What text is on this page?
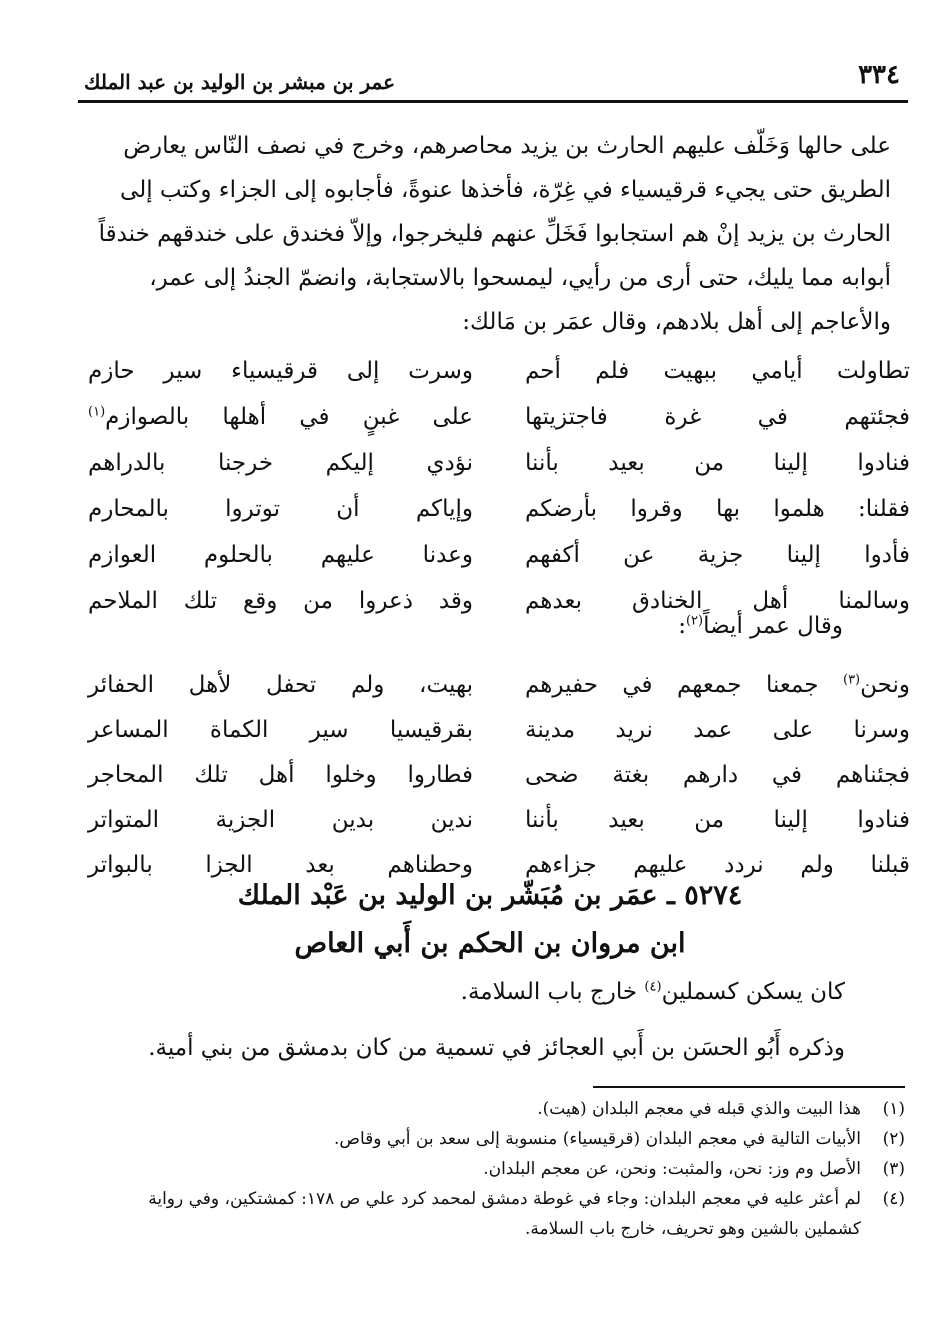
٣٣٤
عمر بن مبشر بن الوليد بن عبد الملك
على حالها وَخَلّف عليهم الحارث بن يزيد محاصرهم، وخرج في نصف النّاس يعارض
الطريق حتى يجيء قرقيسياء في غِرّة، فأخذها عنوةً، فأجابوه إلى الجزاء وكتب إلى
الحارث بن يزيد إنْ هم استجابوا فَخَلِّ عنهم فليخرجوا، وإلاّ فخندق على خندقهم خندقاً
أبوابه مما يليك، حتى أرى من رأيي، ليمسحوا بالاستجابة، وانضمّ الجندُ إلى عمر،
والأعاجم إلى أهل بلادهم، وقال عمَر بن مَالك:
تطاولت أيامي ببهيت فلم أحم
وسرت إلى قرقيسياء سير حازم
فجئتهم في غرة فاجتزيتها
على غبنٍ في أهلها بالصوازم$^{(١)}$
فنادوا إلينا من بعيد بأننا
نؤدي إليكم خرجنا بالدراهم
فقلنا: هلموا بها وقروا بأرضكم
وإياكم أن توتروا بالمحارم
فأدوا إلينا جزية عن أكفهم
وعدنا عليهم بالحلوم العوازم
وسالمنا أهل الخنادق بعدهم
وقد ذعروا من وقع تلك الملاحم
وقال عمر أيضاً$^{(٢)}$:
ونحن$^{(٣)}$ جمعنا جمعهم في حفيرهم
بهيت، ولم تحفل لأهل الحفائر
وسرنا على عمد نريد مدينة
بقرقيسيا سير الكماة المساعر
فجئناهم في دارهم بغتة ضحى
فطاروا وخلوا أهل تلك المحاجر
فنادوا إلينا من بعيد بأننا
ندين بدين الجزية المتواتر
قبلنا ولم نردد عليهم جزاءهم
وحطناهم بعد الجزا بالبواتر
٥٢٧٤ ـ عمَر بن مُبَشّر بن الوليد بن عَبْد الملك
ابن مروان بن الحكم بن أَبي العاص
كان يسكن كسملين$^{(٤)}$ خارج باب السلامة.
وذكره أَبُو الحسَن بن أَبي العجائز في تسمية من كان بدمشق من بني أمية.
(١)
هذا البيت والذي قبله في معجم البلدان (هيت).
(٢)
الأبيات التالية في معجم البلدان (قرقيسياء) منسوبة إلى سعد بن أبي وقاص.
(٣)
الأصل وم وز: نحن، والمثبت: ونحن، عن معجم البلدان.
(٤)
لم أعثر عليه في معجم البلدان: وجاء في غوطة دمشق لمحمد كرد علي ص ١٧٨: كمشتكين، وفي رواية
كشملين بالشين وهو تحريف، خارج باب السلامة.
